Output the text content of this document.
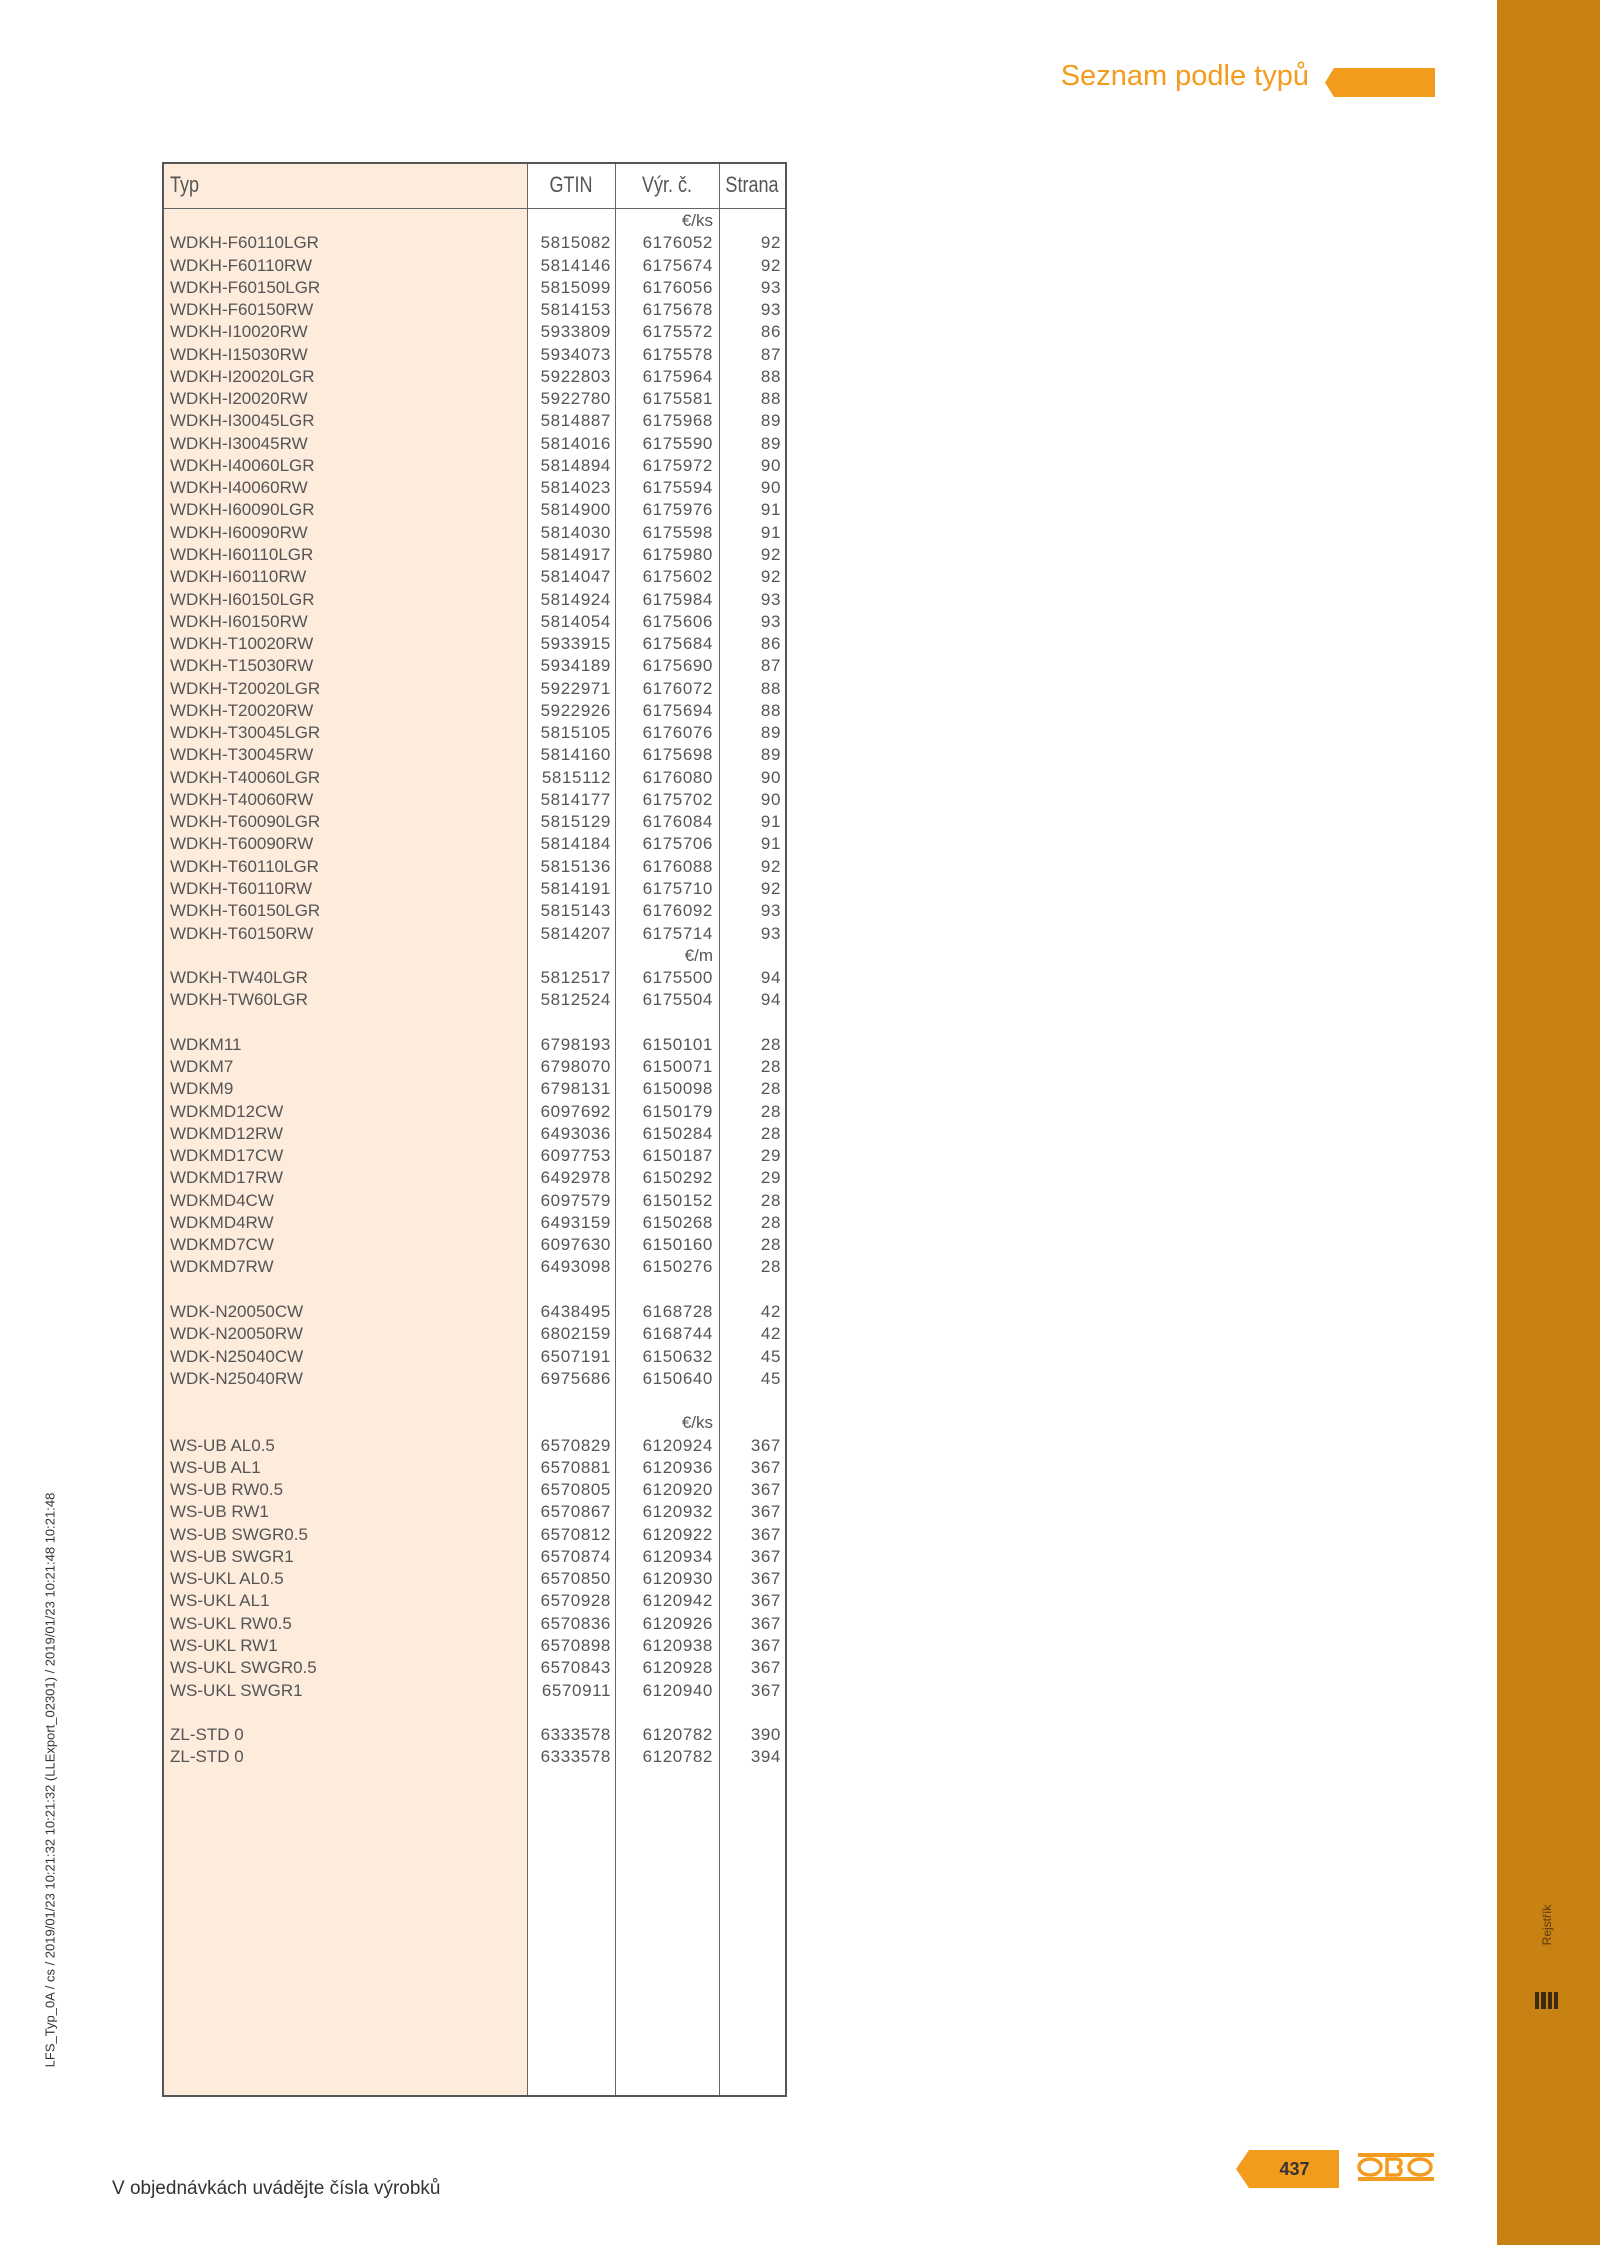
Rejstřík
Seznam podle typů
Typ	GTIN	Výr. č.	Strana
€/ks
WDKH-F60110LGR	5815082	6176052	92
WDKH-F60110RW	5814146	6175674	92
WDKH-F60150LGR	5815099	6176056	93
WDKH-F60150RW	5814153	6175678	93
WDKH-I10020RW	5933809	6175572	86
WDKH-I15030RW	5934073	6175578	87
WDKH-I20020LGR	5922803	6175964	88
WDKH-I20020RW	5922780	6175581	88
WDKH-I30045LGR	5814887	6175968	89
WDKH-I30045RW	5814016	6175590	89
WDKH-I40060LGR	5814894	6175972	90
WDKH-I40060RW	5814023	6175594	90
WDKH-I60090LGR	5814900	6175976	91
WDKH-I60090RW	5814030	6175598	91
WDKH-I60110LGR	5814917	6175980	92
WDKH-I60110RW	5814047	6175602	92
WDKH-I60150LGR	5814924	6175984	93
WDKH-I60150RW	5814054	6175606	93
WDKH-T10020RW	5933915	6175684	86
WDKH-T15030RW	5934189	6175690	87
WDKH-T20020LGR	5922971	6176072	88
WDKH-T20020RW	5922926	6175694	88
WDKH-T30045LGR	5815105	6176076	89
WDKH-T30045RW	5814160	6175698	89
WDKH-T40060LGR	5815112	6176080	90
WDKH-T40060RW	5814177	6175702	90
WDKH-T60090LGR	5815129	6176084	91
WDKH-T60090RW	5814184	6175706	91
WDKH-T60110LGR	5815136	6176088	92
WDKH-T60110RW	5814191	6175710	92
WDKH-T60150LGR	5815143	6176092	93
WDKH-T60150RW	5814207	6175714	93
€/m
WDKH-TW40LGR	5812517	6175500	94
WDKH-TW60LGR	5812524	6175504	94
WDKM11	6798193	6150101	28
WDKM7	6798070	6150071	28
WDKM9	6798131	6150098	28
WDKMD12CW	6097692	6150179	28
WDKMD12RW	6493036	6150284	28
WDKMD17CW	6097753	6150187	29
WDKMD17RW	6492978	6150292	29
WDKMD4CW	6097579	6150152	28
WDKMD4RW	6493159	6150268	28
WDKMD7CW	6097630	6150160	28
WDKMD7RW	6493098	6150276	28
WDK-N20050CW	6438495	6168728	42
WDK-N20050RW	6802159	6168744	42
WDK-N25040CW	6507191	6150632	45
WDK-N25040RW	6975686	6150640	45
€/ks
WS-UB AL0.5	6570829	6120924	367
WS-UB AL1	6570881	6120936	367
WS-UB RW0.5	6570805	6120920	367
WS-UB RW1	6570867	6120932	367
WS-UB SWGR0.5	6570812	6120922	367
WS-UB SWGR1	6570874	6120934	367
WS-UKL AL0.5	6570850	6120930	367
WS-UKL AL1	6570928	6120942	367
WS-UKL RW0.5	6570836	6120926	367
WS-UKL RW1	6570898	6120938	367
WS-UKL SWGR0.5	6570843	6120928	367
WS-UKL SWGR1	6570911	6120940	367
ZL-STD 0	6333578	6120782	390
ZL-STD 0	6333578	6120782	394
LFS_Typ_0A / cs / 2019/01/23 10:21:32 10:21:32 (LLExport_02301) / 2019/01/23 10:21:48 10:21:48
V objednávkách uvádějte čísla výrobků
437
